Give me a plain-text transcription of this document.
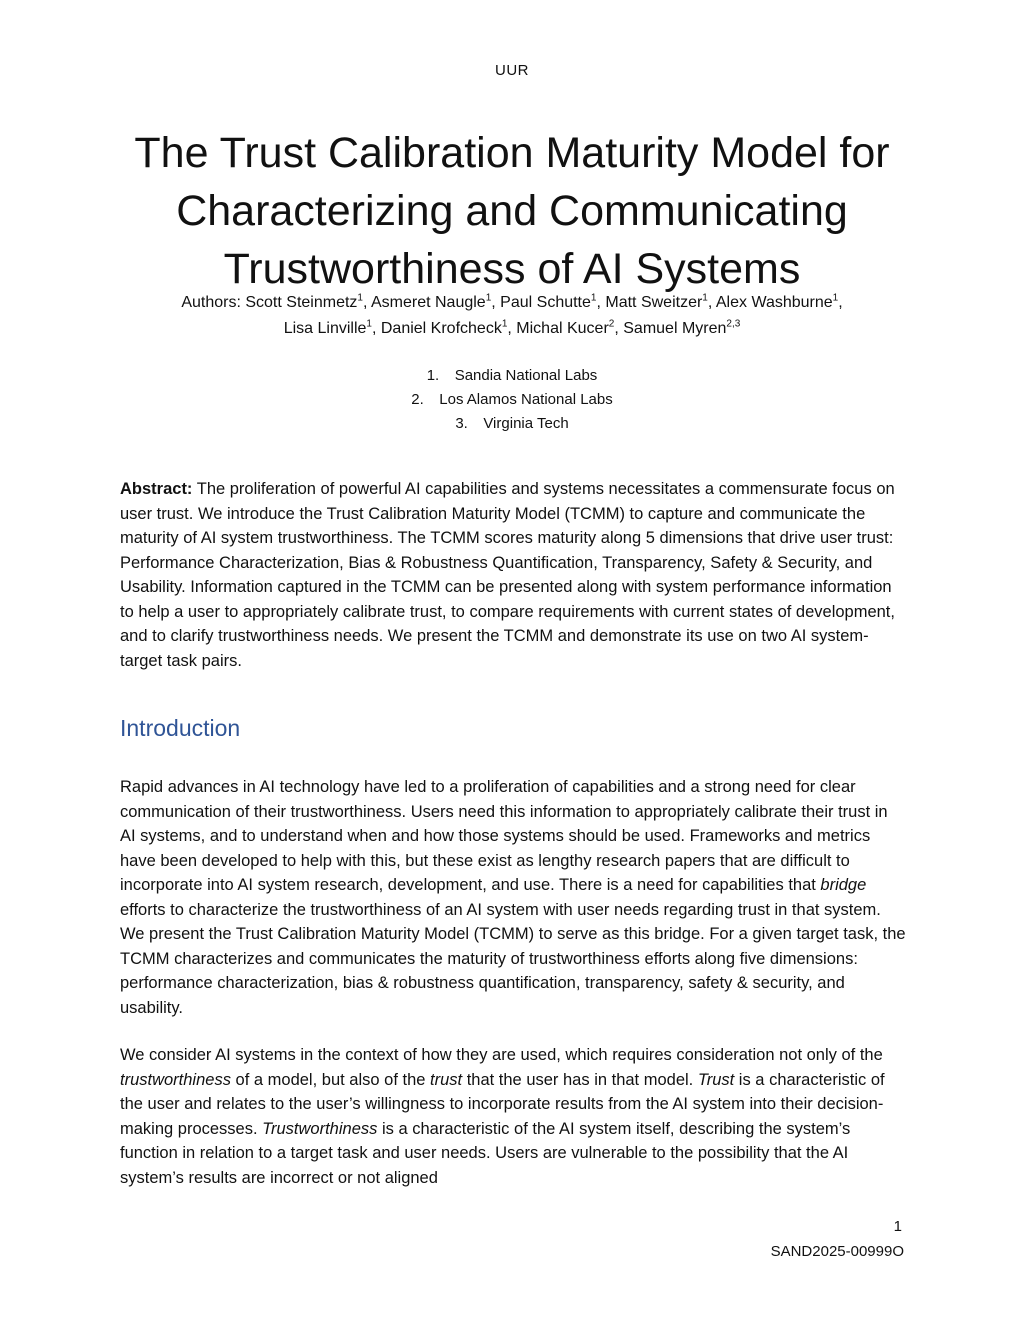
UUR
The Trust Calibration Maturity Model for
Characterizing and Communicating
Trustworthiness of AI Systems
Authors: Scott Steinmetz$^1$, Asmeret Naugle$^1$, Paul Schutte$^1$, Matt Sweitzer$^1$, Alex Washburne$^1$,
Lisa Linville$^1$, Daniel Krofcheck$^1$, Michal Kucer$^2$, Samuel Myren$^{2,3}$
1. Sandia National Labs
2. Los Alamos National Labs
3. Virginia Tech
Abstract: The proliferation of powerful AI capabilities and systems necessitates a commensurate focus on user trust. We introduce the Trust Calibration Maturity Model (TCMM) to capture and communicate the maturity of AI system trustworthiness. The TCMM scores maturity along 5 dimensions that drive user trust: Performance Characterization, Bias & Robustness Quantification, Transparency, Safety & Security, and Usability. Information captured in the TCMM can be presented along with system performance information to help a user to appropriately calibrate trust, to compare requirements with current states of development, and to clarify trustworthiness needs. We present the TCMM and demonstrate its use on two AI system-target task pairs.
Introduction
Rapid advances in AI technology have led to a proliferation of capabilities and a strong need for clear communication of their trustworthiness. Users need this information to appropriately calibrate their trust in AI systems, and to understand when and how those systems should be used. Frameworks and metrics have been developed to help with this, but these exist as lengthy research papers that are difficult to incorporate into AI system research, development, and use. There is a need for capabilities that bridge efforts to characterize the trustworthiness of an AI system with user needs regarding trust in that system. We present the Trust Calibration Maturity Model (TCMM) to serve as this bridge. For a given target task, the TCMM characterizes and communicates the maturity of trustworthiness efforts along five dimensions: performance characterization, bias & robustness quantification, transparency, safety & security, and usability.
We consider AI systems in the context of how they are used, which requires consideration not only of the trustworthiness of a model, but also of the trust that the user has in that model. Trust is a characteristic of the user and relates to the user’s willingness to incorporate results from the AI system into their decision-making processes. Trustworthiness is a characteristic of the AI system itself, describing the system’s function in relation to a target task and user needs. Users are vulnerable to the possibility that the AI system’s results are incorrect or not aligned
1
SAND2025-00999O
